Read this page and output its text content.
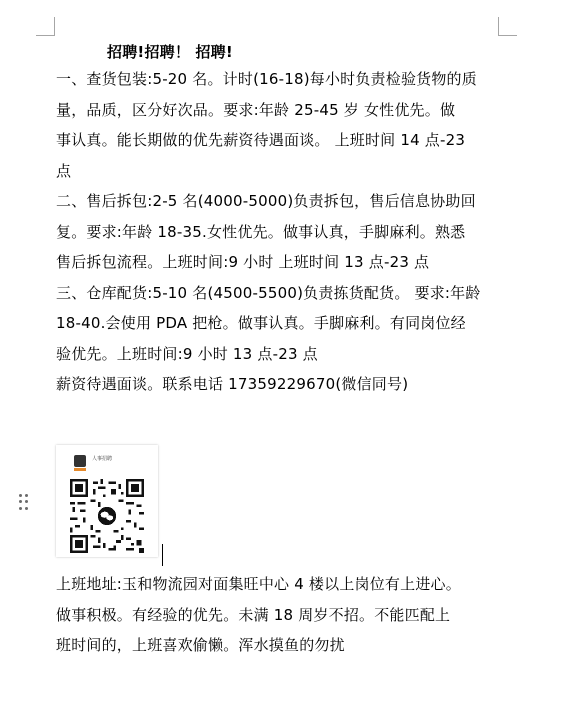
招聘!招聘！ 招聘!

一、查货包装:5-20 名。计时(16-18)每小时负责检验货物的质
量，品质，区分好次品。要求:年龄 25-45 岁 女性优先。做
事认真。能长期做的优先薪资待遇面谈。 上班时间 14 点-23
点

二、售后拆包:2-5 名(4000-5000)负责拆包，售后信息协助回
复。要求:年龄 18-35.女性优先。做事认真，手脚麻利。熟悉
售后拆包流程。上班时间:9 小时 上班时间 13 点-23 点

三、仓库配货:5-10 名(4500-5500)负责拣货配货。 要求:年龄
18-40.会使用 PDA 把枪。做事认真。手脚麻利。有同岗位经
验优先。上班时间:9 小时 13 点-23 点

薪资待遇面谈。联系电话 17359229670(微信同号)

人事招聘

上班地址:玉和物流园对面集旺中心 4 楼以上岗位有上进心。
做事积极。有经验的优先。未满 18 周岁不招。不能匹配上
班时间的，上班喜欢偷懒。浑水摸鱼的勿扰
